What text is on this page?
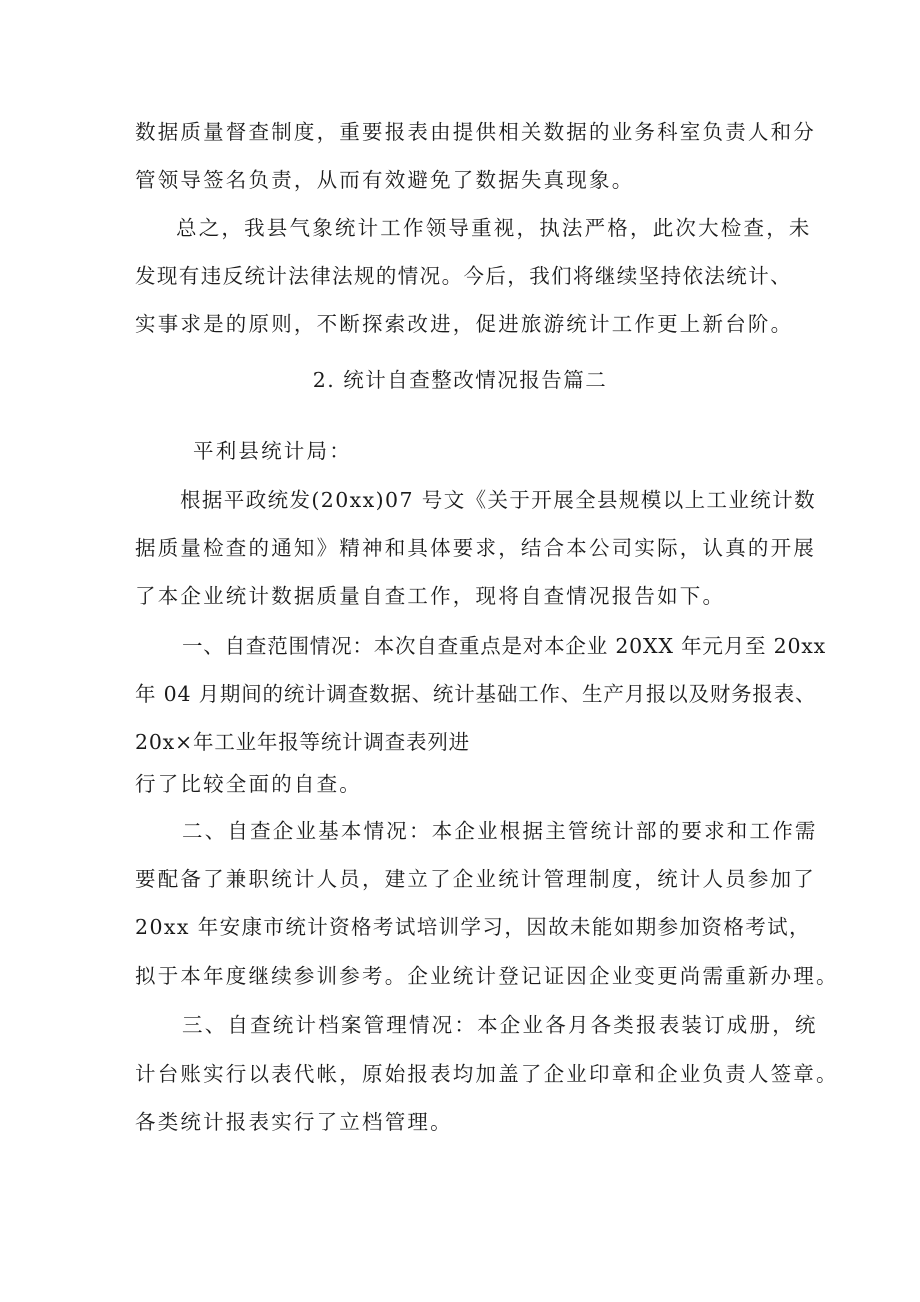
数据质量督查制度，重要报表由提供相关数据的业务科室负责人和分
管领导签名负责，从而有效避免了数据失真现象。
总之，我县气象统计工作领导重视，执法严格，此次大检查，未
发现有违反统计法律法规的情况。今后，我们将继续坚持依法统计、
实事求是的原则，不断探索改进，促进旅游统计工作更上新台阶。
2. 统计自查整改情况报告篇二
平利县统计局：
根据平政统发(20xx)07 号文《关于开展全县规模以上工业统计数
据质量检查的通知》精神和具体要求，结合本公司实际，认真的开展
了本企业统计数据质量自查工作，现将自查情况报告如下。
一、自查范围情况：本次自查重点是对本企业 20XX 年元月至 20xx
年 04 月期间的统计调查数据、统计基础工作、生产月报以及财务报表、
20x×年工业年报等统计调查表列进
行了比较全面的自查。
二、自查企业基本情况：本企业根据主管统计部的要求和工作需
要配备了兼职统计人员，建立了企业统计管理制度，统计人员参加了
20xx 年安康市统计资格考试培训学习，因故未能如期参加资格考试，
拟于本年度继续参训参考。企业统计登记证因企业变更尚需重新办理。
三、自查统计档案管理情况：本企业各月各类报表装订成册，统
计台账实行以表代帐，原始报表均加盖了企业印章和企业负责人签章。
各类统计报表实行了立档管理。
